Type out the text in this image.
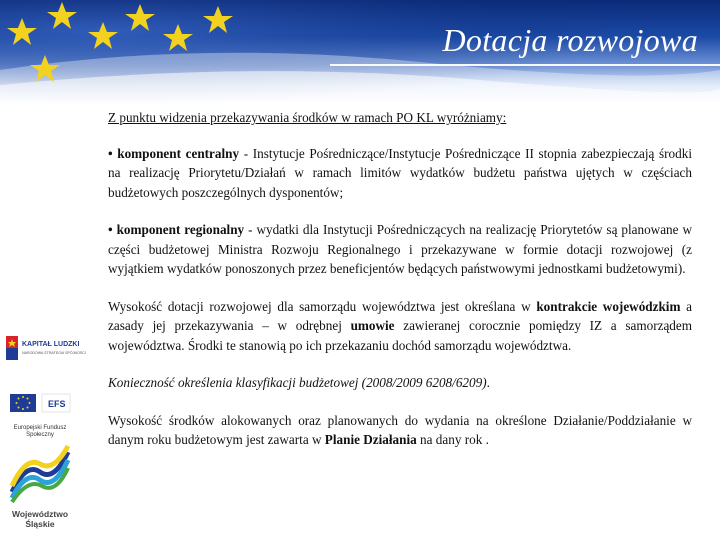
Dotacja rozwojowa

Z punktu widzenia przekazywania środków w ramach PO KL wyróżniamy:

• komponent centralny - Instytucje Pośredniczące/Instytucje Pośredniczące II stopnia zabezpieczają środki na realizację Priorytetu/Działań w ramach limitów wydatków budżetu państwa ujętych w częściach budżetowych poszczególnych dysponentów;

• komponent regionalny - wydatki dla Instytucji Pośredniczących na realizację Priorytetów są planowane w części budżetowej Ministra Rozwoju Regionalnego i przekazywane w formie dotacji rozwojowej (z wyjątkiem wydatków ponoszonych przez beneficjentów będących państwowymi jednostkami budżetowymi).

Wysokość dotacji rozwojowej dla samorządu województwa jest określana w kontrakcie wojewódzkim a zasady jej przekazywania – w odrębnej umowie zawieranej corocznie pomiędzy IZ a samorządem województwa. Środki te stanowią po ich przekazaniu dochód samorządu województwa.

Konieczność określenia klasyfikacji budżetowej (2008/2009 6208/6209).

Wysokość środków alokowanych oraz planowanych do wydania na określone Działanie/Poddziałanie w danym roku budżetowym jest zawarta w Planie Działania na dany rok .

KAPITAŁ LUDZKI
NARODOWA STRATEGIA SPÓJNOŚCI
EFS
Europejski Fundusz Społeczny
Województwo
Śląskie
